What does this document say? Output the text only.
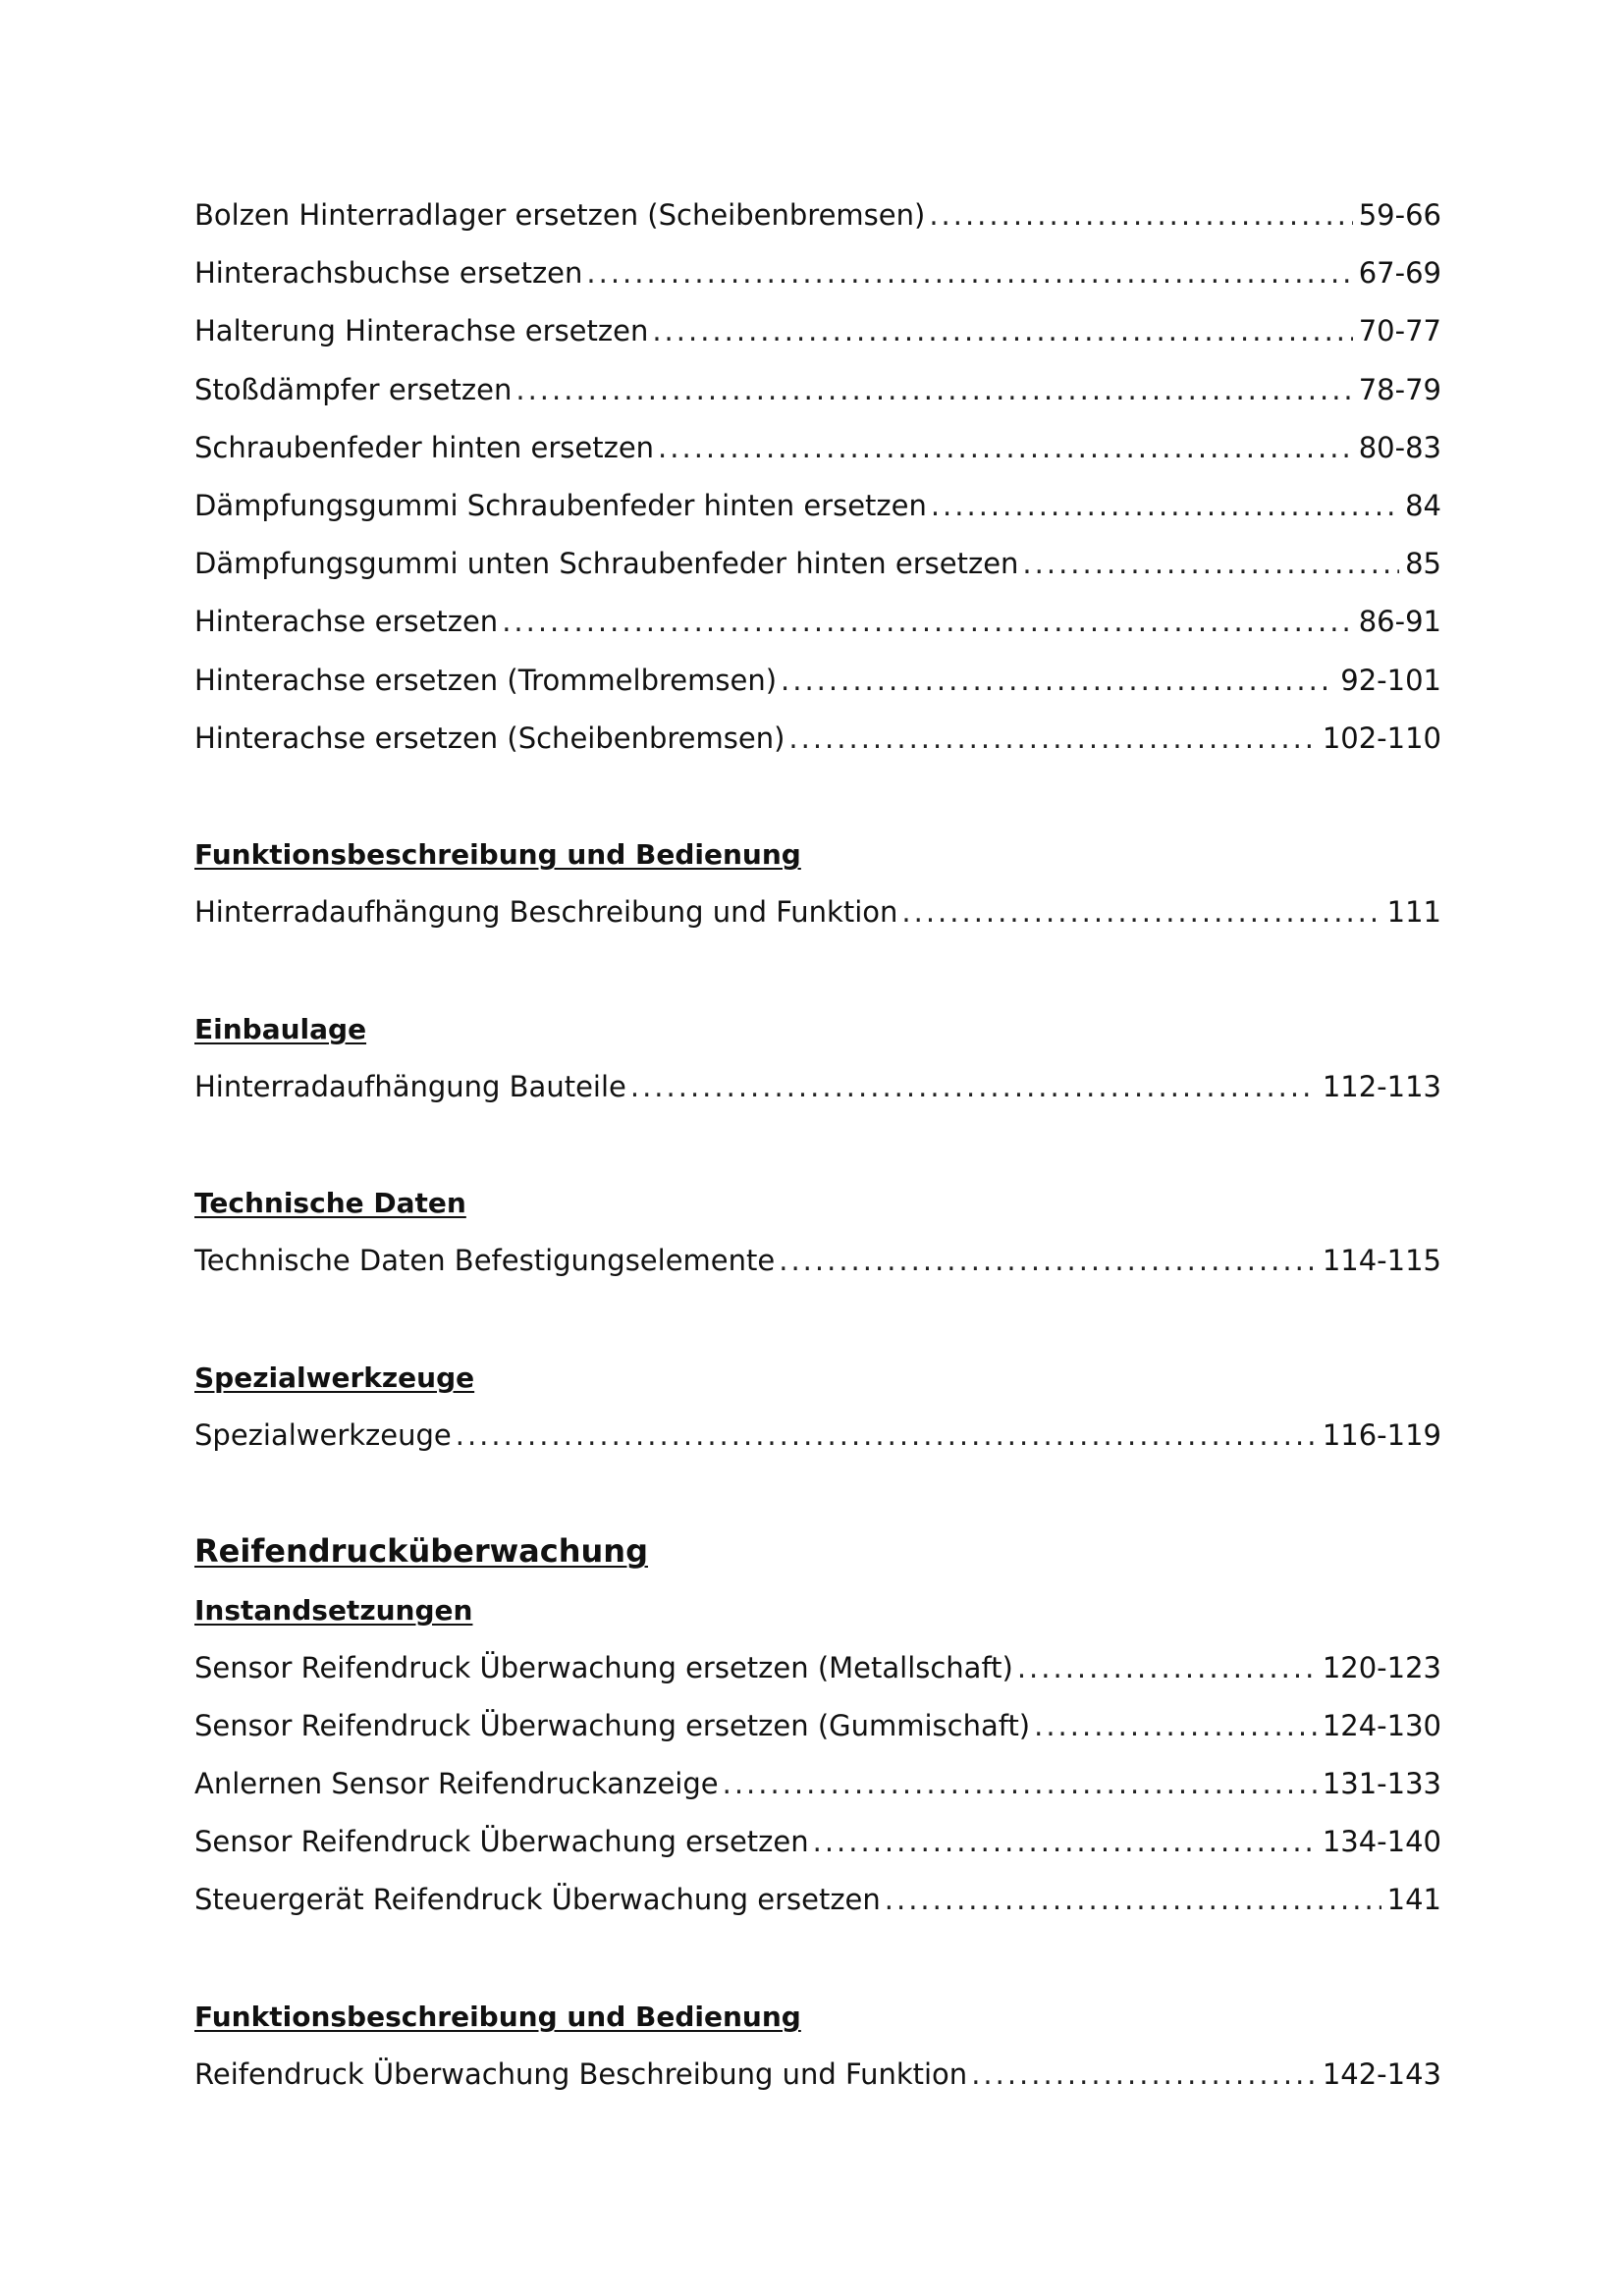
Bolzen Hinterradlager ersetzen (Scheibenbremsen) .....	59-66
Hinterachsbuchse ersetzen .....	67-69
Halterung Hinterachse ersetzen .....	70-77
Stoßdämpfer ersetzen .....	78-79
Schraubenfeder hinten ersetzen .....	80-83
Dämpfungsgummi Schraubenfeder hinten ersetzen .....	84
Dämpfungsgummi unten Schraubenfeder hinten ersetzen .....	85
Hinterachse ersetzen .....	86-91
Hinterachse ersetzen (Trommelbremsen) .....	92-101
Hinterachse ersetzen (Scheibenbremsen) .....	102-110
Funktionsbeschreibung und Bedienung
Hinterradaufhängung Beschreibung und Funktion .....	111
Einbaulage
Hinterradaufhängung Bauteile .....	112-113
Technische Daten
Technische Daten Befestigungselemente .....	114-115
Spezialwerkzeuge
Spezialwerkzeuge .....	116-119
Reifendrucküberwachung
Instandsetzungen
Sensor Reifendruck Überwachung ersetzen (Metallschaft) .....	120-123
Sensor Reifendruck Überwachung ersetzen (Gummischaft) .....	124-130
Anlernen Sensor Reifendruckanzeige .....	131-133
Sensor Reifendruck Überwachung ersetzen .....	134-140
Steuergerät Reifendruck Überwachung ersetzen .....	141
Funktionsbeschreibung und Bedienung
Reifendruck Überwachung Beschreibung und Funktion .....	142-143
